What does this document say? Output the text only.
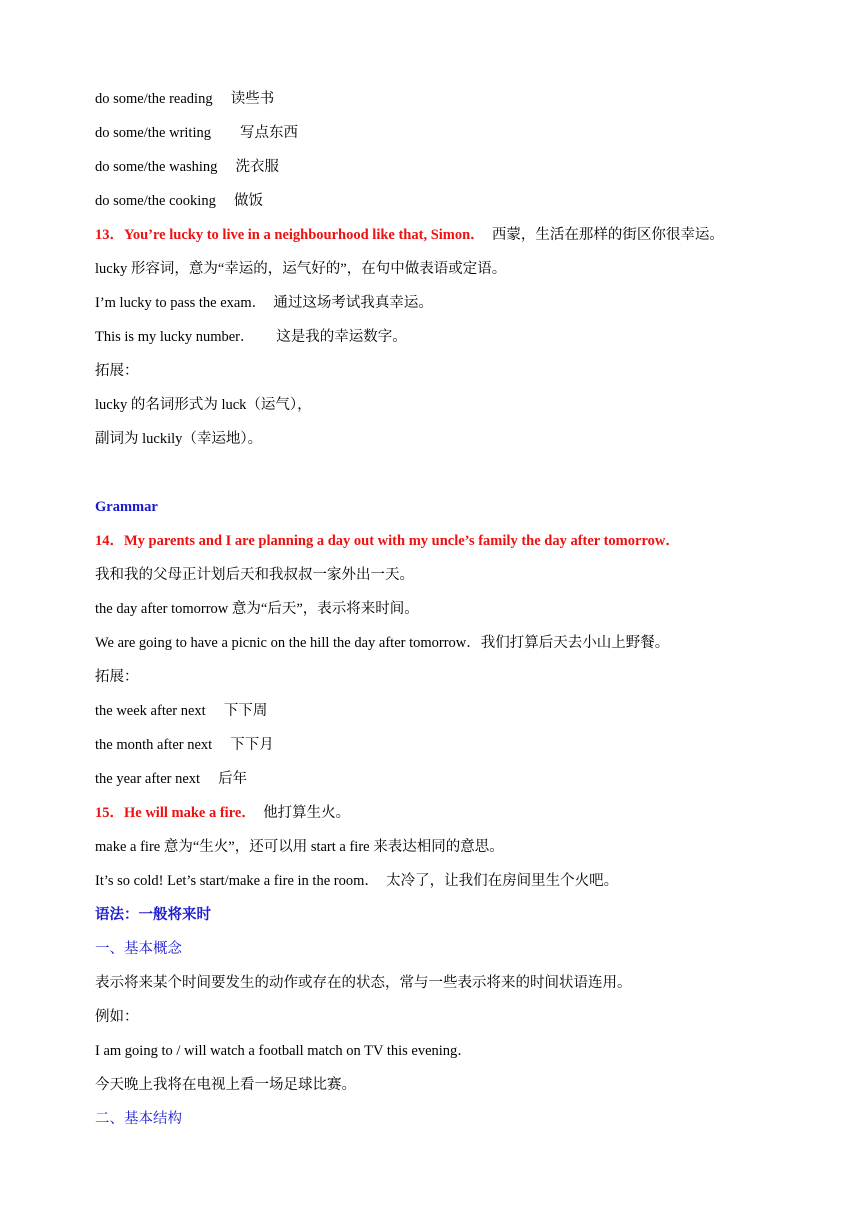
do some/the reading　 读些书
do some/the writing　　写点东西
do some/the washing　 洗衣服
do some/the cooking　 做饭
13．You’re lucky to live in a neighbourhood like that, Simon．　西蒙，生活在那样的街区你很幸运。
lucky 形容词，意为“幸运的，运气好的”，在句中做表语或定语。
I’m lucky to pass the exam．　通过这场考试我真幸运。
This is my lucky number．　　这是我的幸运数字。
拓展：
lucky 的名词形式为 luck（运气），
副词为 luckily（幸运地）。
Grammar
14．My parents and I are planning a day out with my uncle’s family the day after tomorrow．
我和我的父母正计划后天和我叔叔一家外出一天。
the day after tomorrow 意为“后天”，表示将来时间。
We are going to have a picnic on the hill the day after tomorrow．我们打算后天去小山上野餐。
拓展：
the week after next　 下下周
the month after next　 下下月
the year after next　 后年
15．He will make a fire．　他打算生火。
make a fire 意为“生火”，还可以用 start a fire 来表达相同的意思。
It’s so cold! Let’s start/make a fire in the room．　太冷了，让我们在房间里生个火吧。
语法：一般将来时
一、基本概念
表示将来某个时间要发生的动作或存在的状态，常与一些表示将来的时间状语连用。
例如：
I am going to / will watch a football match on TV this evening．
今天晚上我将在电视上看一场足球比赛。
二、基本结构
